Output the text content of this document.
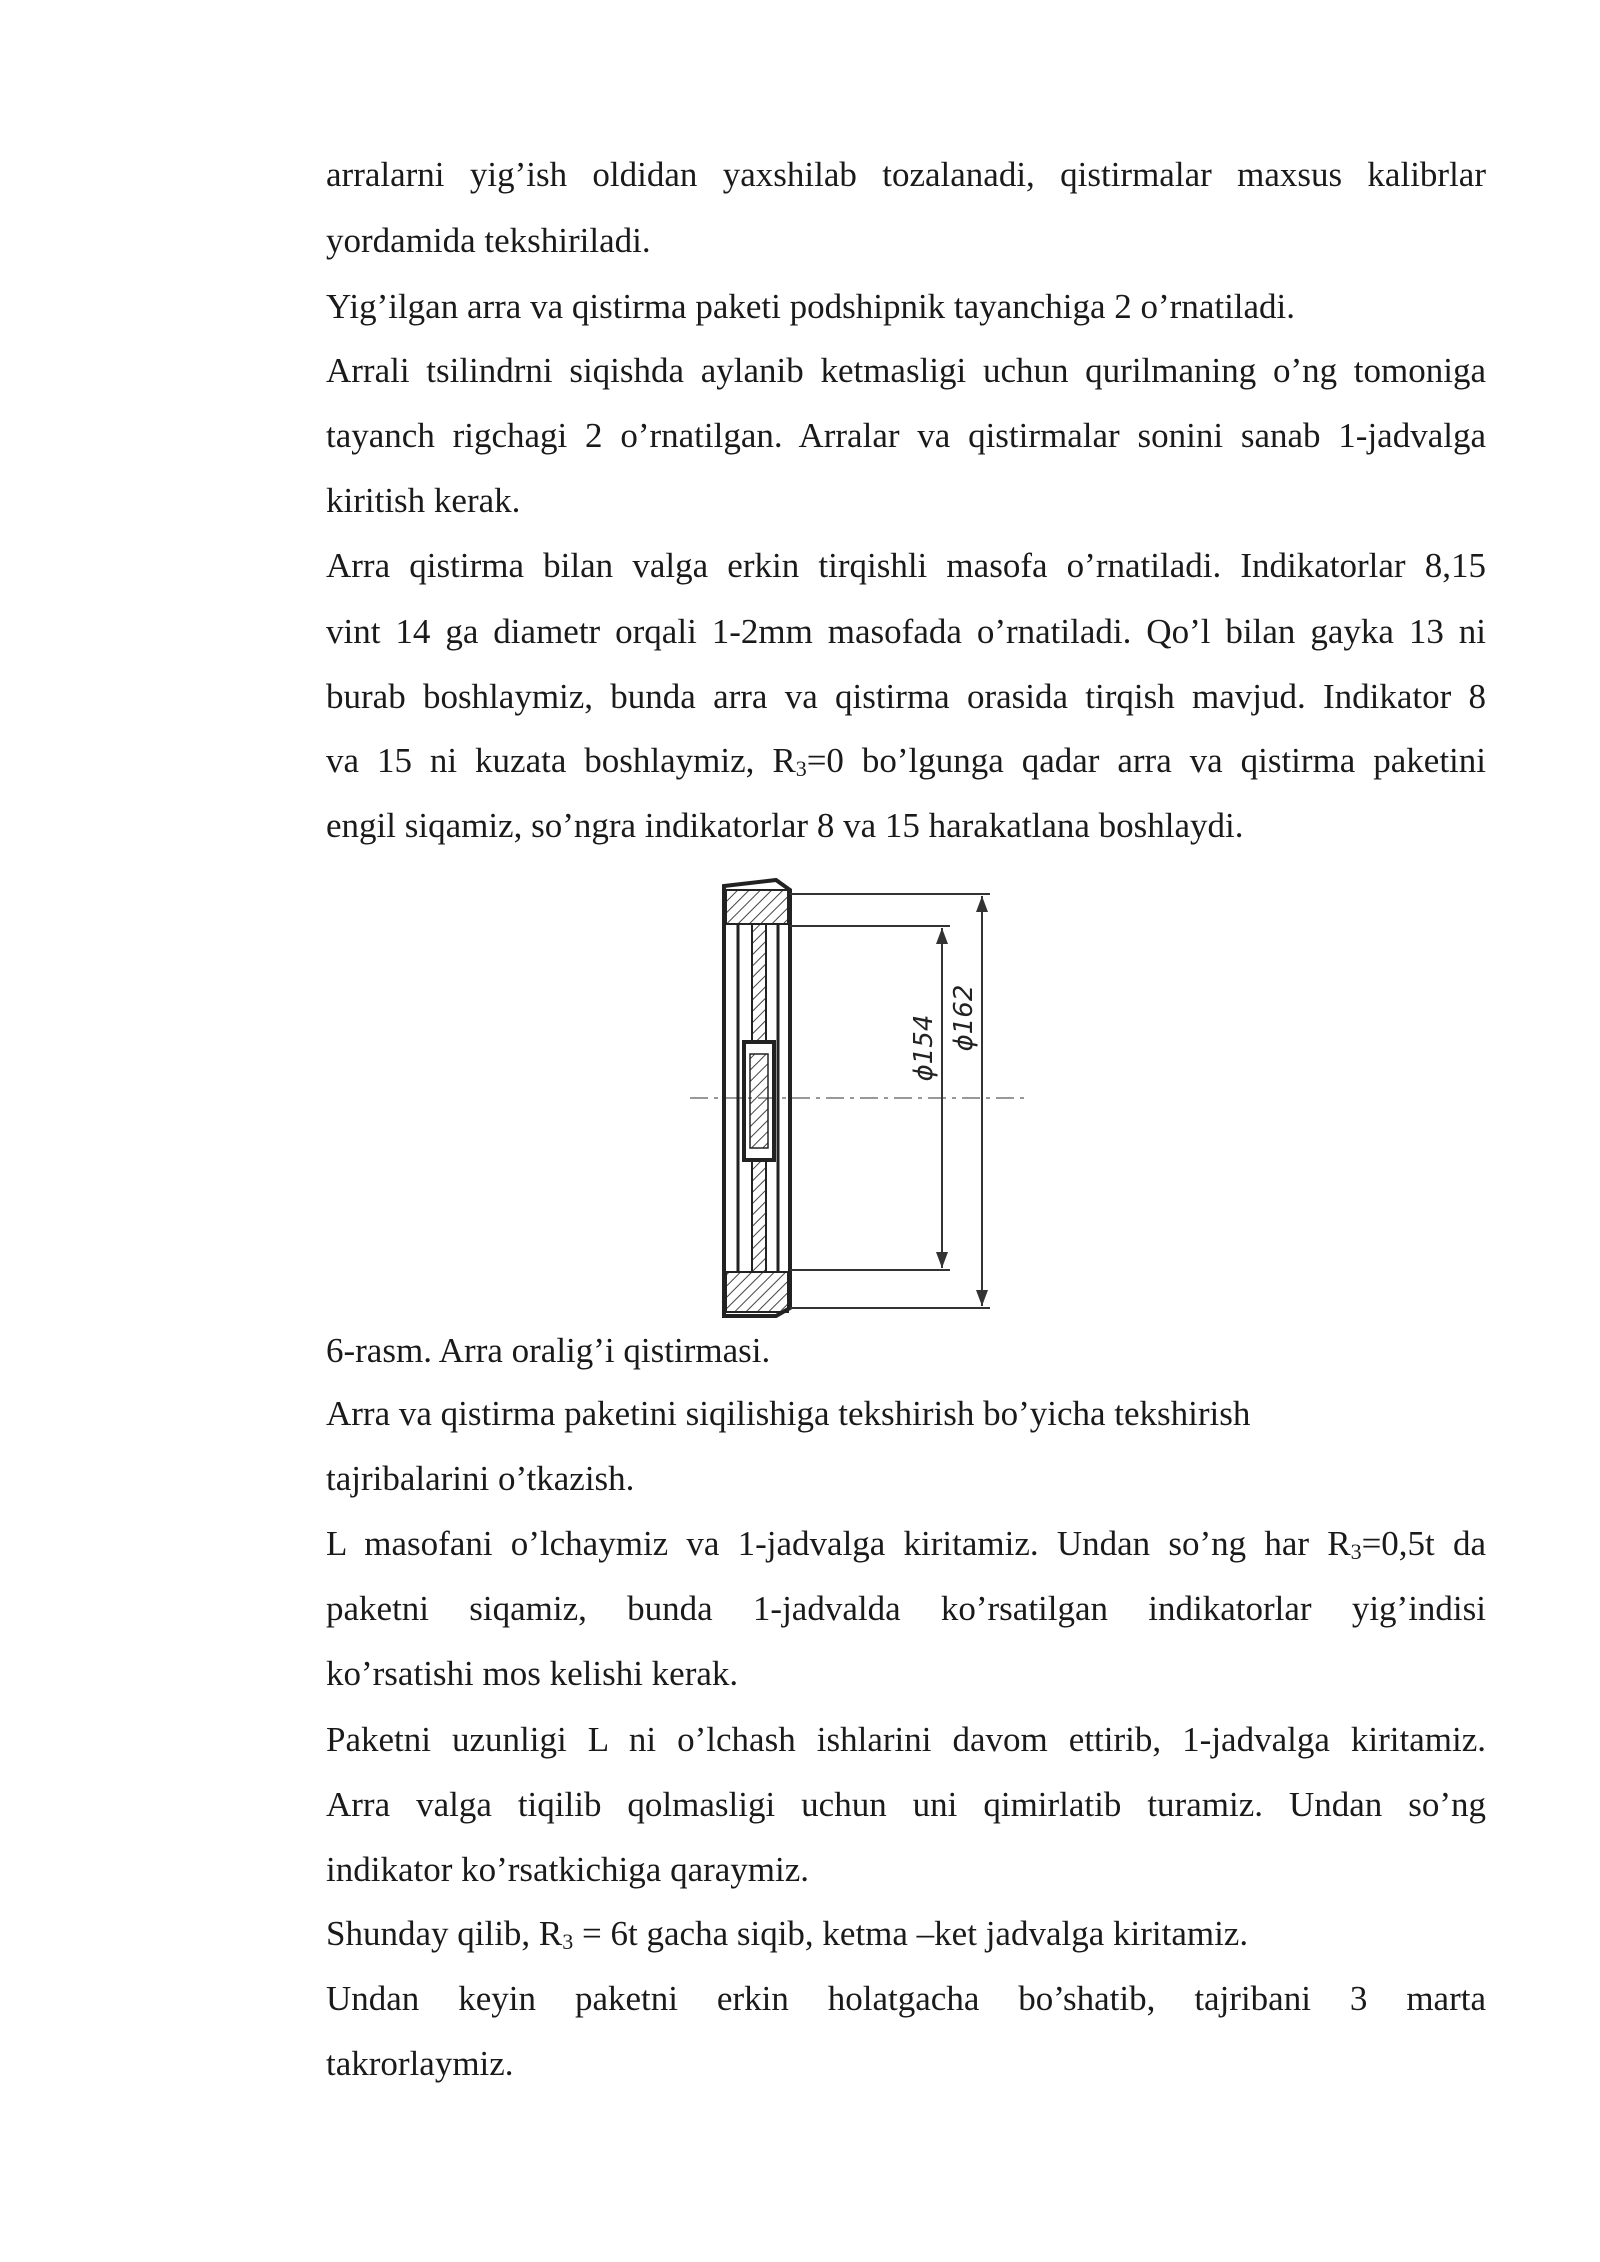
arralarni yig’ish oldidan yaxshilab tozalanadi, qistirmalar maxsus kalibrlar
yordamida tekshiriladi.
Yig’ilgan arra va qistirma paketi podshipnik tayanchiga 2 o’rnatiladi.
Arrali tsilindrni siqishda aylanib ketmasligi uchun qurilmaning o’ng tomoniga
tayanch rigchagi 2 o’rnatilgan. Arralar va qistirmalar sonini sanab 1-jadvalga
kiritish kerak.
Arra qistirma bilan valga erkin tirqishli masofa o’rnatiladi. Indikatorlar 8,15
vint 14 ga diametr orqali 1-2mm masofada o’rnatiladi. Qo’l bilan gayka 13 ni
burab boshlaymiz, bunda arra va qistirma orasida tirqish mavjud. Indikator 8
va 15 ni kuzata boshlaymiz, $R_3=0$ bo’lgunga qadar arra va qistirma paketini
engil siqamiz, so’ngra indikatorlar 8 va 15 harakatlana boshlaydi.
6-rasm. Arra oralig’i qistirmasi.
Arra va qistirma paketini siqilishiga tekshirish bo’yicha tekshirish
tajribalarini o’tkazish.
L masofani o’lchaymiz va 1-jadvalga kiritamiz. Undan so’ng har $R_3=0,5t$ da
paketni siqamiz, bunda 1-jadvalda ko’rsatilgan indikatorlar yig’indisi
ko’rsatishi mos kelishi kerak.
Paketni uzunligi L ni o’lchash ishlarini davom ettirib, 1-jadvalga kiritamiz.
Arra valga tiqilib qolmasligi uchun uni qimirlatib turamiz. Undan so’ng
indikator ko’rsatkichiga qaraymiz.
Shunday qilib, $R_3 = 6t$ gacha siqib, ketma –ket jadvalga kiritamiz.
Undan keyin paketni erkin holatgacha bo’shatib, tajribani 3 marta
takrorlaymiz.
ϕ154 ϕ162
